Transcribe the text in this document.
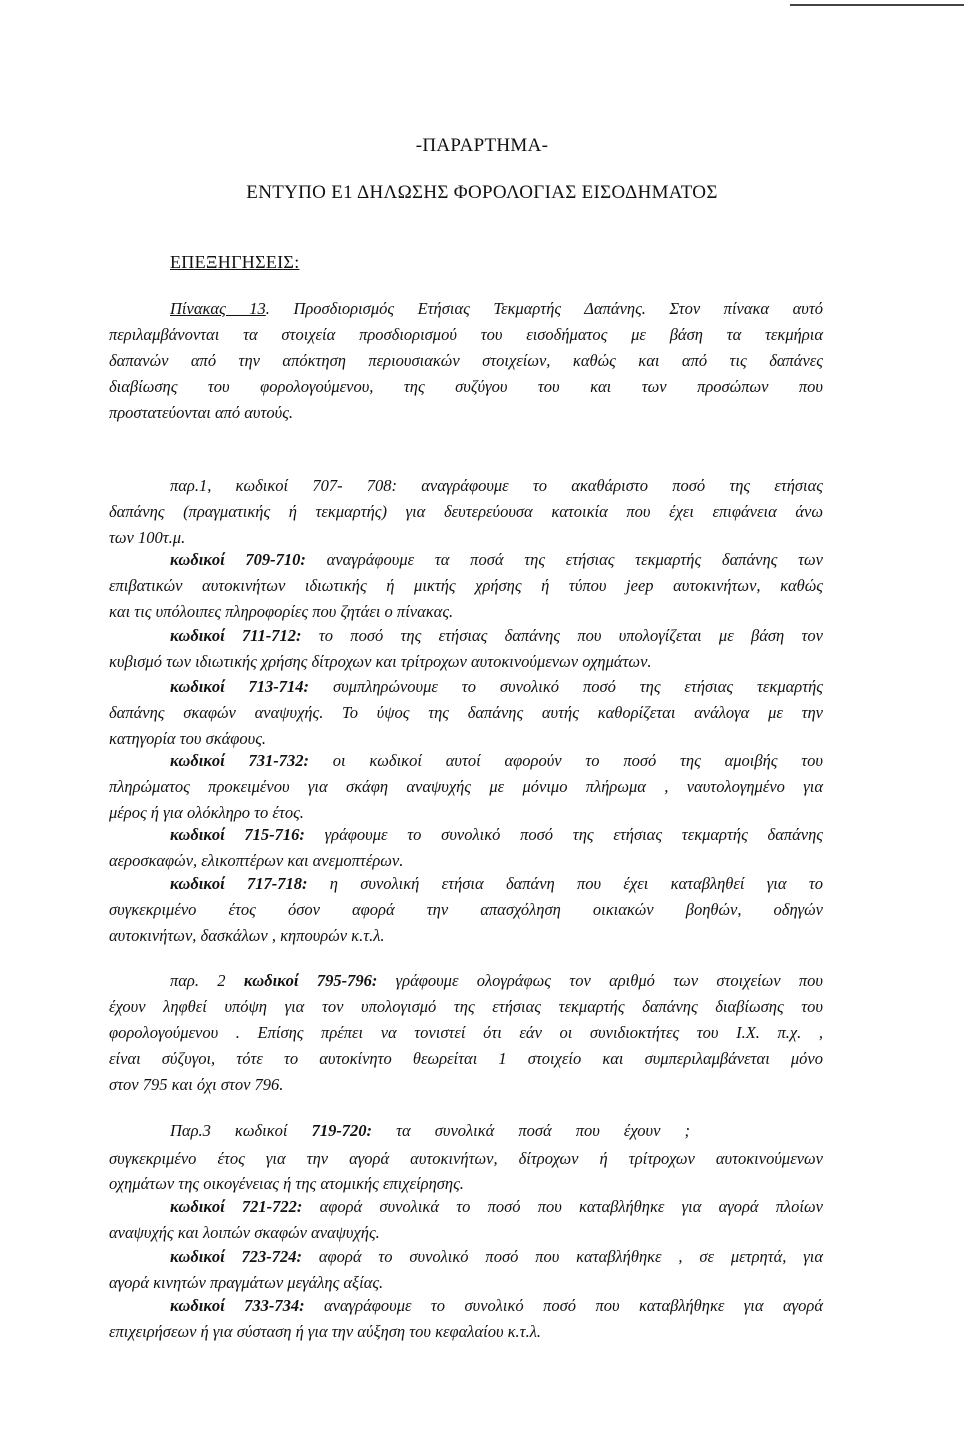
-ΠΑΡΑΡΤΗΜΑ-
ΕΝΤΥΠΟ Ε1 ΔΗΛΩΣΗΣ ΦΟΡΟΛΟΓΙΑΣ ΕΙΣΟΔΗΜΑΤΟΣ
ΕΠΕΞΗΓΗΣΕΙΣ:
Πίνακας 13. Προσδιορισμός Ετήσιας Τεκμαρτής Δαπάνης. Στον πίνακα αυτό
περιλαμβάνονται τα στοιχεία προσδιορισμού του εισοδήματος με βάση τα τεκμήρια
δαπανών από την απόκτηση περιουσιακών στοιχείων, καθώς και από τις δαπάνες
διαβίωσης του φορολογούμενου, της συζύγου του και των προσώπων που
προστατεύονται από αυτούς.
παρ.1, κωδικοί 707- 708: αναγράφουμε το ακαθάριστο ποσό της ετήσιας
δαπάνης (πραγματικής ή τεκμαρτής) για δευτερεύουσα κατοικία που έχει επιφάνεια άνω
των 100τ.μ.
κωδικοί 709-710: αναγράφουμε τα ποσά της ετήσιας τεκμαρτής δαπάνης των
επιβατικών αυτοκινήτων ιδιωτικής ή μικτής χρήσης ή τύπου jeep αυτοκινήτων, καθώς
και τις υπόλοιπες πληροφορίες που ζητάει ο πίνακας.
κωδικοί 711-712: το ποσό της ετήσιας δαπάνης που υπολογίζεται με βάση τον
κυβισμό των ιδιωτικής χρήσης δίτροχων και τρίτροχων αυτοκινούμενων οχημάτων.
κωδικοί 713-714: συμπληρώνουμε το συνολικό ποσό της ετήσιας τεκμαρτής
δαπάνης σκαφών αναψυχής. Το ύψος της δαπάνης αυτής καθορίζεται ανάλογα με την
κατηγορία του σκάφους.
κωδικοί 731-732: οι κωδικοί αυτοί αφορούν το ποσό της αμοιβής του
πληρώματος προκειμένου για σκάφη αναψυχής με μόνιμο πλήρωμα , ναυτολογημένο για
μέρος ή για ολόκληρο το έτος.
κωδικοί 715-716: γράφουμε το συνολικό ποσό της ετήσιας τεκμαρτής δαπάνης
αεροσκαφών, ελικοπτέρων και ανεμοπτέρων.
κωδικοί 717-718: η συνολική ετήσια δαπάνη που έχει καταβληθεί για το
συγκεκριμένο έτος όσον αφορά την απασχόληση οικιακών βοηθών, οδηγών
αυτοκινήτων, δασκάλων , κηπουρών κ.τ.λ.
παρ. 2 κωδικοί 795-796: γράφουμε ολογράφως τον αριθμό των στοιχείων που
έχουν ληφθεί υπόψη για τον υπολογισμό της ετήσιας τεκμαρτής δαπάνης διαβίωσης του
φορολογούμενου . Επίσης πρέπει να τονιστεί ότι εάν οι συνιδιοκτήτες του Ι.Χ. π.χ. ,
είναι σύζυγοι, τότε το αυτοκίνητο θεωρείται 1 στοιχείο και συμπεριλαμβάνεται μόνο
στον 795 και όχι στον 796.
Παρ.3 κωδικοί 719-720: τα συνολικά ποσά που έχουν ;
συγκεκριμένο έτος για την αγορά αυτοκινήτων, δίτροχων ή τρίτροχων αυτοκινούμενων
οχημάτων της οικογένειας ή της ατομικής επιχείρησης.
κωδικοί 721-722: αφορά συνολικά το ποσό που καταβλήθηκε για αγορά πλοίων
αναψυχής και λοιπών σκαφών αναψυχής.
κωδικοί 723-724: αφορά το συνολικό ποσό που καταβλήθηκε , σε μετρητά, για
αγορά κινητών πραγμάτων μεγάλης αξίας.
κωδικοί 733-734: αναγράφουμε το συνολικό ποσό που καταβλήθηκε για αγορά
επιχειρήσεων ή για σύσταση ή για την αύξηση του κεφαλαίου κ.τ.λ.
